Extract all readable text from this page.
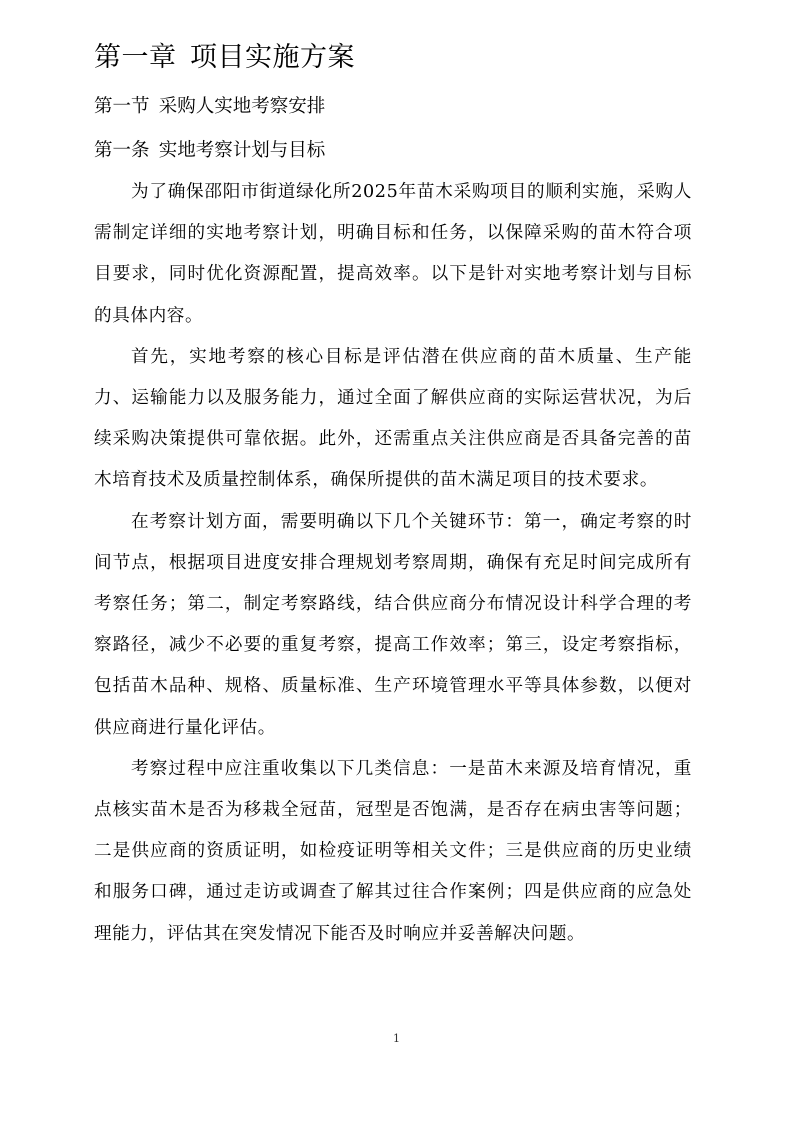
第一章 项目实施方案
第一节 采购人实地考察安排
第一条 实地考察计划与目标

为了确保邵阳市街道绿化所2025年苗木采购项目的顺利实施，采购人需制定详细的实地考察计划，明确目标和任务，以保障采购的苗木符合项目要求，同时优化资源配置，提高效率。以下是针对实地考察计划与目标的具体内容。

首先，实地考察的核心目标是评估潜在供应商的苗木质量、生产能力、运输能力以及服务能力，通过全面了解供应商的实际运营状况，为后续采购决策提供可靠依据。此外，还需重点关注供应商是否具备完善的苗木培育技术及质量控制体系，确保所提供的苗木满足项目的技术要求。

在考察计划方面，需要明确以下几个关键环节：第一，确定考察的时间节点，根据项目进度安排合理规划考察周期，确保有充足时间完成所有考察任务；第二，制定考察路线，结合供应商分布情况设计科学合理的考察路径，减少不必要的重复考察，提高工作效率；第三，设定考察指标，包括苗木品种、规格、质量标准、生产环境管理水平等具体参数，以便对供应商进行量化评估。

考察过程中应注重收集以下几类信息：一是苗木来源及培育情况，重点核实苗木是否为移栽全冠苗，冠型是否饱满，是否存在病虫害等问题；二是供应商的资质证明，如检疫证明等相关文件；三是供应商的历史业绩和服务口碑，通过走访或调查了解其过往合作案例；四是供应商的应急处理能力，评估其在突发情况下能否及时响应并妥善解决问题。

1
